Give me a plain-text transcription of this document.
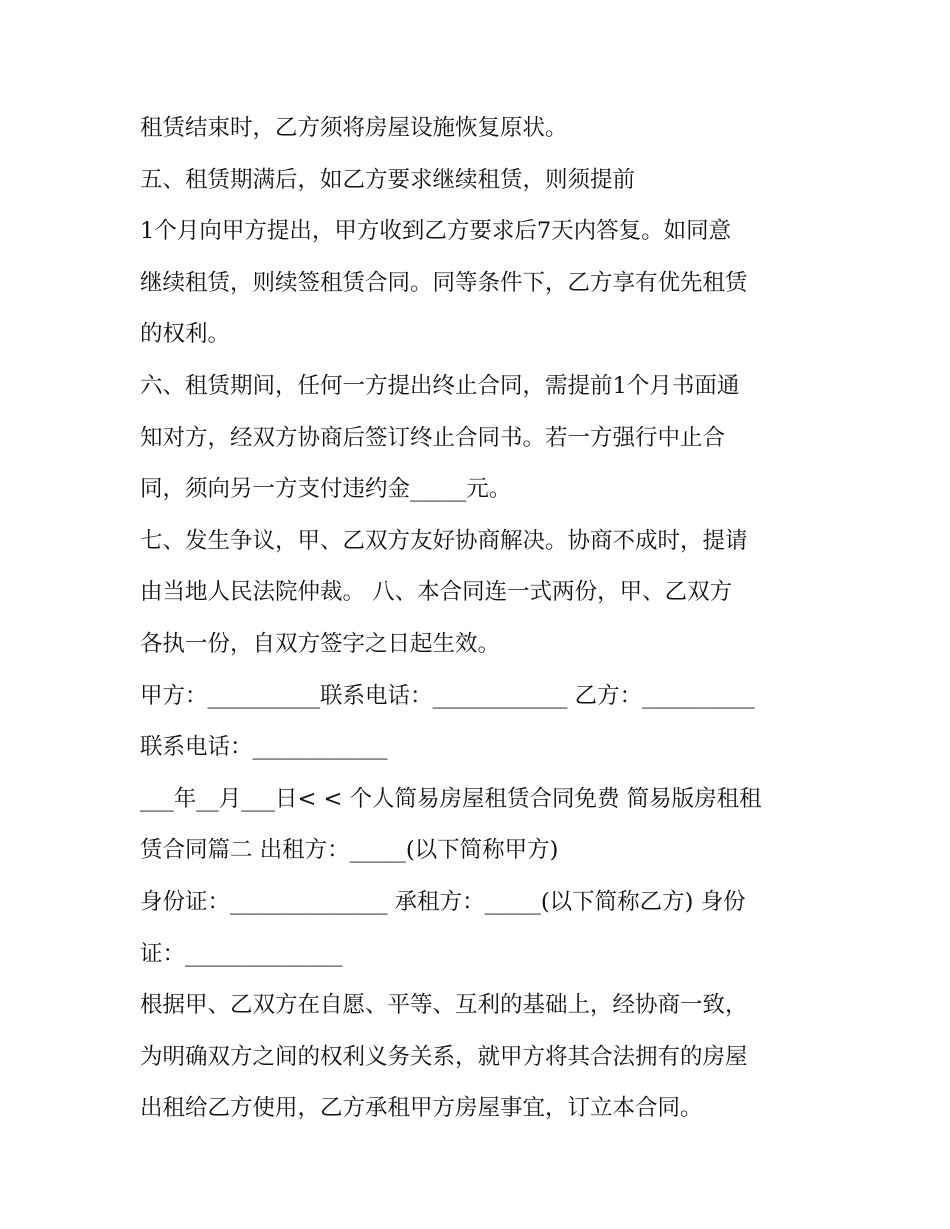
租赁结束时，乙方须将房屋设施恢复原状。
五、租赁期满后，如乙方要求继续租赁，则须提前
1个月向甲方提出，甲方收到乙方要求后7天内答复。如同意
继续租赁，则续签租赁合同。同等条件下，乙方享有优先租赁
的权利。
六、租赁期间，任何一方提出终止合同，需提前1个月书面通
知对方，经双方协商后签订终止合同书。若一方强行中止合
同，须向另一方支付违约金_____元。
七、发生争议，甲、乙双方友好协商解决。协商不成时，提请
由当地人民法院仲裁。 八、本合同连一式两份，甲、乙双方
各执一份，自双方签字之日起生效。
甲方：__________联系电话：____________ 乙方：__________
联系电话：____________
___年__月___日< < 个人简易房屋租赁合同免费 简易版房租租
赁合同篇二 出租方：_____(以下简称甲方)
身份证：______________ 承租方：_____(以下简称乙方) 身份
证：______________
根据甲、乙双方在自愿、平等、互利的基础上，经协商一致，
为明确双方之间的权利义务关系，就甲方将其合法拥有的房屋
出租给乙方使用，乙方承租甲方房屋事宜，订立本合同。
